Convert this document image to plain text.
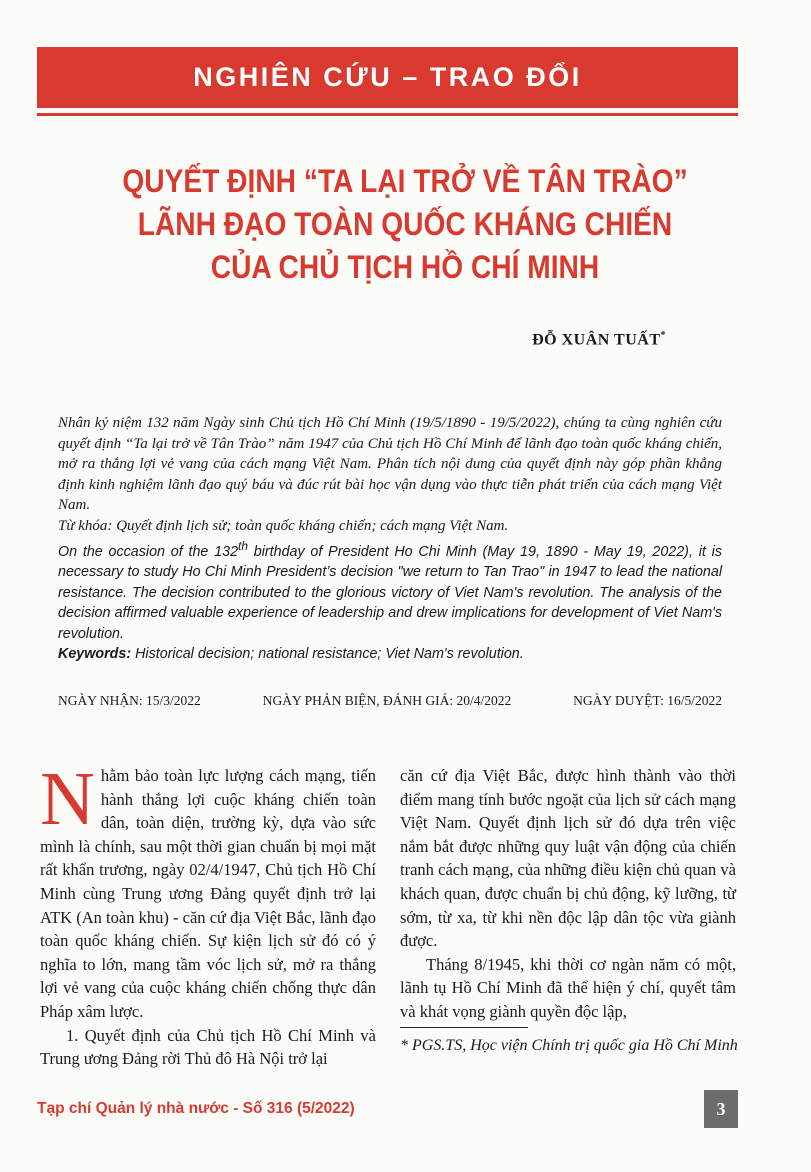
NGHIÊN CỨU – TRAO ĐỔI
QUYẾT ĐỊNH “TA LẠI TRỞ VỀ TÂN TRÀO”
LÃNH ĐẠO TOÀN QUỐC KHÁNG CHIẾN
CỦA CHỦ TỊCH HỒ CHÍ MINH
ĐỖ XUÂN TUẤT*

Nhân kỷ niệm 132 năm Ngày sinh Chủ tịch Hồ Chí Minh (19/5/1890 - 19/5/2022), chúng ta cùng nghiên cứu quyết định “Ta lại trở về Tân Trào” năm 1947 của Chủ tịch Hồ Chí Minh để lãnh đạo toàn quốc kháng chiến, mở ra thắng lợi vẻ vang của cách mạng Việt Nam. Phân tích nội dung của quyết định này góp phần khẳng định kinh nghiệm lãnh đạo quý báu và đúc rút bài học vận dụng vào thực tiễn phát triển của cách mạng Việt Nam.

Từ khóa: Quyết định lịch sử; toàn quốc kháng chiến; cách mạng Việt Nam.

On the occasion of the 132th birthday of President Ho Chi Minh (May 19, 1890 - May 19, 2022), it is necessary to study Ho Chi Minh President’s decision "we return to Tan Trao" in 1947 to lead the national resistance. The decision contributed to the glorious victory of Viet Nam's revolution. The analysis of the decision affirmed valuable experience of leadership and drew implications for development of Viet Nam's revolution.

Keywords: Historical decision; national resistance; Viet Nam's revolution.

NGÀY NHẬN: 15/3/2022	NGÀY PHẢN BIỆN, ĐÁNH GIÁ: 20/4/2022	NGÀY DUYỆT: 16/5/2022

Nhằm bảo toàn lực lượng cách mạng, tiến hành thắng lợi cuộc kháng chiến toàn dân, toàn diện, trường kỳ, dựa vào sức mình là chính, sau một thời gian chuẩn bị mọi mặt rất khẩn trương, ngày 02/4/1947, Chủ tịch Hồ Chí Minh cùng Trung ương Đảng quyết định trở lại ATK (An toàn khu) - căn cứ địa Việt Bắc, lãnh đạo toàn quốc kháng chiến. Sự kiện lịch sử đó có ý nghĩa to lớn, mang tầm vóc lịch sử, mở ra thắng lợi vẻ vang của cuộc kháng chiến chống thực dân Pháp xâm lược.

1. Quyết định của Chủ tịch Hồ Chí Minh và Trung ương Đảng rời Thủ đô Hà Nội trở lại

căn cứ địa Việt Bắc, được hình thành vào thời điểm mang tính bước ngoặt của lịch sử cách mạng Việt Nam. Quyết định lịch sử đó dựa trên việc nắm bắt được những quy luật vận động của chiến tranh cách mạng, của những điều kiện chủ quan và khách quan, được chuẩn bị chủ động, kỹ lưỡng, từ sớm, từ xa, từ khi nền độc lập dân tộc vừa giành được.

Tháng 8/1945, khi thời cơ ngàn năm có một, lãnh tụ Hồ Chí Minh đã thể hiện ý chí, quyết tâm và khát vọng giành quyền độc lập,

* PGS.TS, Học viện Chính trị quốc gia Hồ Chí Minh
Tạp chí Quản lý nhà nước - Số 316 (5/2022)	3
